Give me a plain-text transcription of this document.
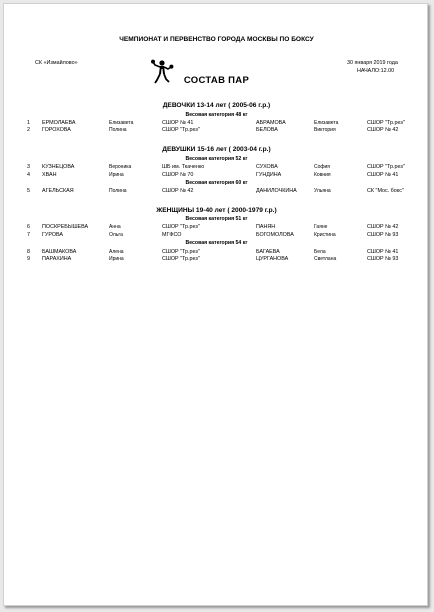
ЧЕМПИОНАТ И ПЕРВЕНСТВО ГОРОДА МОСКВЫ ПО БОКСУ
СК «Измайлово»	30 января 2019 года
НАЧАЛО:12.00
СОСТАВ ПАР
ДЕВОЧКИ 13-14 лет ( 2005-06 г.р.)
Весовая категория 48 кг
1 ЕРМОЛАЕВА	Елизавета	СШОР № 41	АБРАМОВА	Елизавета	СШОР "Тр.рез"
2 ГОРОХОВА	Полина	СШОР "Тр.рез"	БЕЛОВА	Виктория	СШОР № 42
ДЕВУШКИ 15-16 лет ( 2003-04 г.р.)
Весовая категория 52 кг
3 КУЗНЕЦОВА	Вероника	ШБ им. Ткаченко	СУХОВА	София	СШОР "Тр.рез"
4 ХВАН	Ирина	СШОР № 70	ГУНДИНА	Ковния	СШОР № 41
Весовая категория 60 кг
5 АГЕЛЬСКАЯ	Полина	СШОР № 42	ДАНИЛОЧКИНА	Ульяна	СК "Мос. бокс"
ЖЕНЩИНЫ 19-40 лет ( 2000-1979 г.р.)
Весовая категория 51 кг
6 ПОСКРЕБЫШЕВА	Анна	СШОР "Тр.рез"	ПАНЯН	Гаяне	СШОР № 42
7 ГУРОВА	Ольга	МГФСО	БОГОМОЛОВА	Кристина	СШОР № 93
Весовая категория 54 кг
8 БАШМАКОВА	Алена	СШОР "Тр.рез"	БАГАЕВА	Бела	СШОР № 41
9 ПАРАХИНА	Ирина	СШОР "Тр.рез"	ЦУРГАНОВА	Светлана	СШОР № 93
